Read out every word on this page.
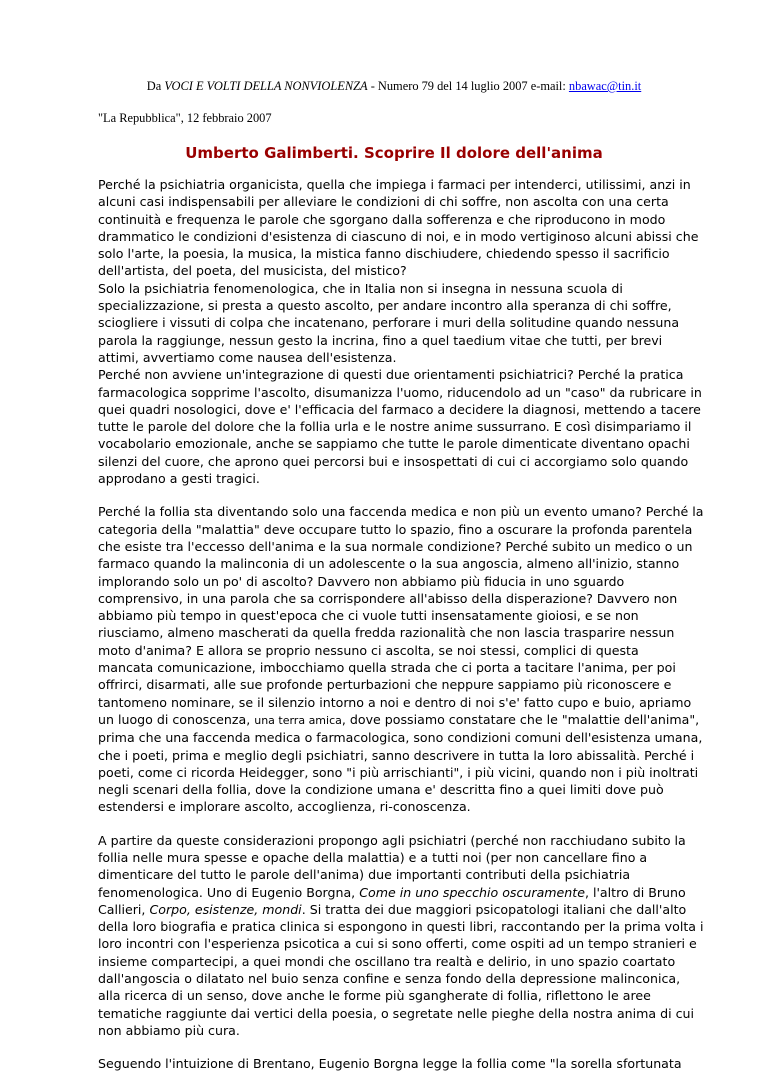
Da VOCI E VOLTI DELLA NONVIOLENZA - Numero 79 del 14 luglio 2007 e-mail: nbawac@tin.it

"La Repubblica", 12 febbraio 2007

Umberto Galimberti. Scoprire Il dolore dell'anima

Perché la psichiatria organicista, quella che impiega i farmaci per intenderci, utilissimi, anzi in
alcuni casi indispensabili per alleviare le condizioni di chi soffre, non ascolta con una certa
continuità e frequenza le parole che sgorgano dalla sofferenza e che riproducono in modo
drammatico le condizioni d'esistenza di ciascuno di noi, e in modo vertiginoso alcuni abissi che
solo l'arte, la poesia, la musica, la mistica fanno dischiudere, chiedendo spesso il sacrificio
dell'artista, del poeta, del musicista, del mistico?
Solo la psichiatria fenomenologica, che in Italia non si insegna in nessuna scuola di
specializzazione, si presta a questo ascolto, per andare incontro alla speranza di chi soffre,
sciogliere i vissuti di colpa che incatenano, perforare i muri della solitudine quando nessuna
parola la raggiunge, nessun gesto la incrina, fino a quel taedium vitae che tutti, per brevi
attimi, avvertiamo come nausea dell'esistenza.
Perché non avviene un'integrazione di questi due orientamenti psichiatrici? Perché la pratica
farmacologica sopprime l'ascolto, disumanizza l'uomo, riducendolo ad un "caso" da rubricare in
quei quadri nosologici, dove e' l'efficacia del farmaco a decidere la diagnosi, mettendo a tacere
tutte le parole del dolore che la follia urla e le nostre anime sussurrano. E così disimpariamo il
vocabolario emozionale, anche se sappiamo che tutte le parole dimenticate diventano opachi
silenzi del cuore, che aprono quei percorsi bui e insospettati di cui ci accorgiamo solo quando
approdano a gesti tragici.

Perché la follia sta diventando solo una faccenda medica e non più un evento umano? Perché la
categoria della "malattia" deve occupare tutto lo spazio, fino a oscurare la profonda parentela
che esiste tra l'eccesso dell'anima e la sua normale condizione? Perché subito un medico o un
farmaco quando la malinconia di un adolescente o la sua angoscia, almeno all'inizio, stanno
implorando solo un po' di ascolto? Davvero non abbiamo più fiducia in uno sguardo
comprensivo, in una parola che sa corrispondere all'abisso della disperazione? Davvero non
abbiamo più tempo in quest'epoca che ci vuole tutti insensatamente gioiosi, e se non
riusciamo, almeno mascherati da quella fredda razionalità che non lascia trasparire nessun
moto d'anima? E allora se proprio nessuno ci ascolta, se noi stessi, complici di questa
mancata comunicazione, imbocchiamo quella strada che ci porta a tacitare l'anima, per poi
offrirci, disarmati, alle sue profonde perturbazioni che neppure sappiamo più riconoscere e
tantomeno nominare, se il silenzio intorno a noi e dentro di noi s'e' fatto cupo e buio, apriamo
un luogo di conoscenza, una terra amica, dove possiamo constatare che le "malattie dell'anima",
prima che una faccenda medica o farmacologica, sono condizioni comuni dell'esistenza umana,
che i poeti, prima e meglio degli psichiatri, sanno descrivere in tutta la loro abissalità. Perché i
poeti, come ci ricorda Heidegger, sono "i più arrischianti", i più vicini, quando non i più inoltrati
negli scenari della follia, dove la condizione umana e' descritta fino a quei limiti dove può
estendersi e implorare ascolto, accoglienza, ri-conoscenza.

A partire da queste considerazioni propongo agli psichiatri (perché non racchiudano subito la
follia nelle mura spesse e opache della malattia) e a tutti noi (per non cancellare fino a
dimenticare del tutto le parole dell'anima) due importanti contributi della psichiatria
fenomenologica. Uno di Eugenio Borgna, Come in uno specchio oscuramente, l'altro di Bruno
Callieri, Corpo, esistenze, mondi. Si tratta dei due maggiori psicopatologi italiani che dall'alto
della loro biografia e pratica clinica si espongono in questi libri, raccontando per la prima volta i
loro incontri con l'esperienza psicotica a cui si sono offerti, come ospiti ad un tempo stranieri e
insieme compartecipi, a quei mondi che oscillano tra realtà e delirio, in uno spazio coartato
dall'angoscia o dilatato nel buio senza confine e senza fondo della depressione malinconica,
alla ricerca di un senso, dove anche le forme più sgangherate di follia, riflettono le aree
tematiche raggiunte dai vertici della poesia, o segretate nelle pieghe della nostra anima di cui
non abbiamo più cura.

Seguendo l'intuizione di Brentano, Eugenio Borgna legge la follia come "la sorella sfortunata
